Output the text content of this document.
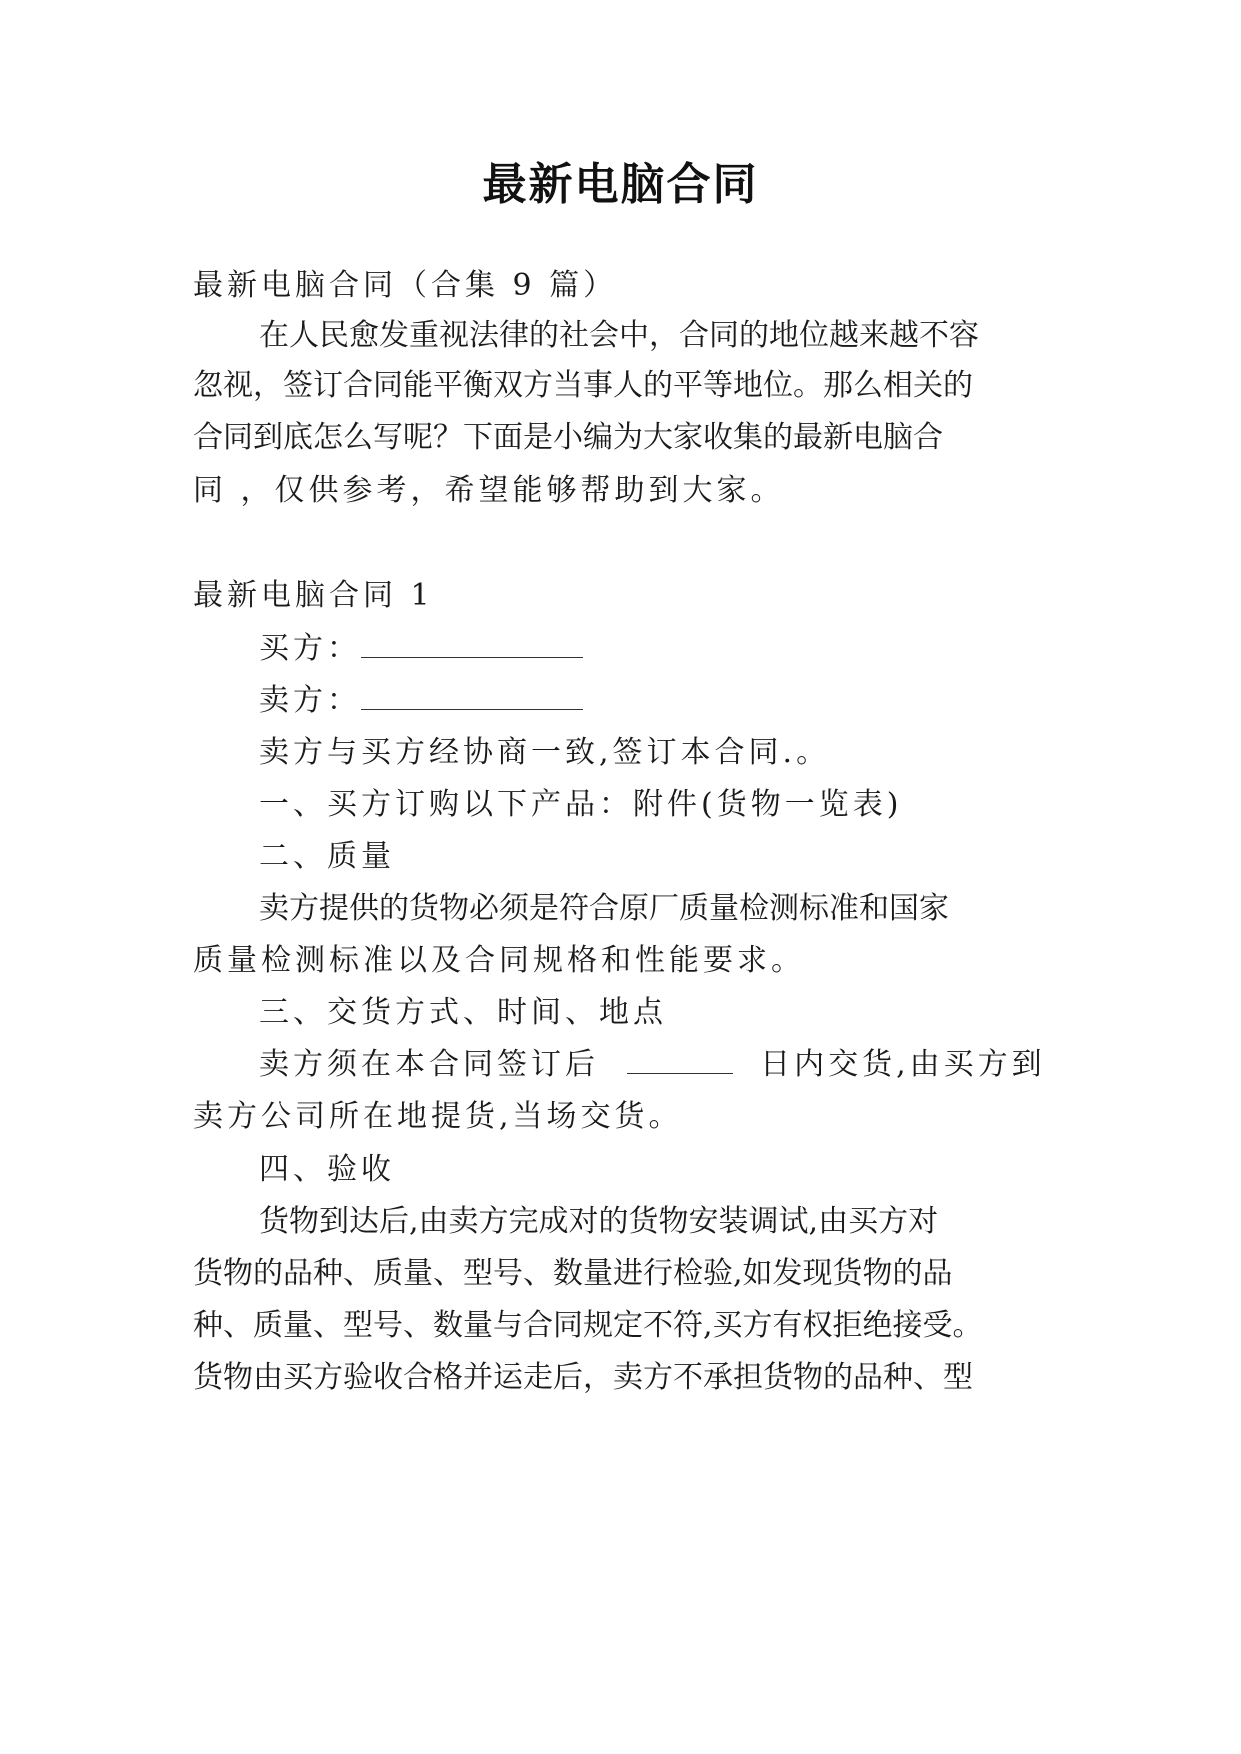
最新电脑合同

最新电脑合同（合集 9 篇）

在人民愈发重视法律的社会中，合同的地位越来越不容

忽视，签订合同能平衡双方当事人的平等地位。那么相关的

合同到底怎么写呢？下面是小编为大家收集的最新电脑合

同 ，仅供参考，希望能够帮助到大家。

最新电脑合同 1

买方：

卖方：

卖方与买方经协商一致,签订本合同.。

一、买方订购以下产品：附件(货物一览表)

二、质量

卖方提供的货物必须是符合原厂质量检测标准和国家

质量检测标准以及合同规格和性能要求。

三、交货方式、时间、地点

卖方须在本合同签订后	日内交货,由买方到

卖方公司所在地提货,当场交货。

四、验收

货物到达后,由卖方完成对的货物安装调试,由买方对

货物的品种、质量、型号、数量进行检验,如发现货物的品

种、质量、型号、数量与合同规定不符,买方有权拒绝接受。

货物由买方验收合格并运走后，卖方不承担货物的品种、型
